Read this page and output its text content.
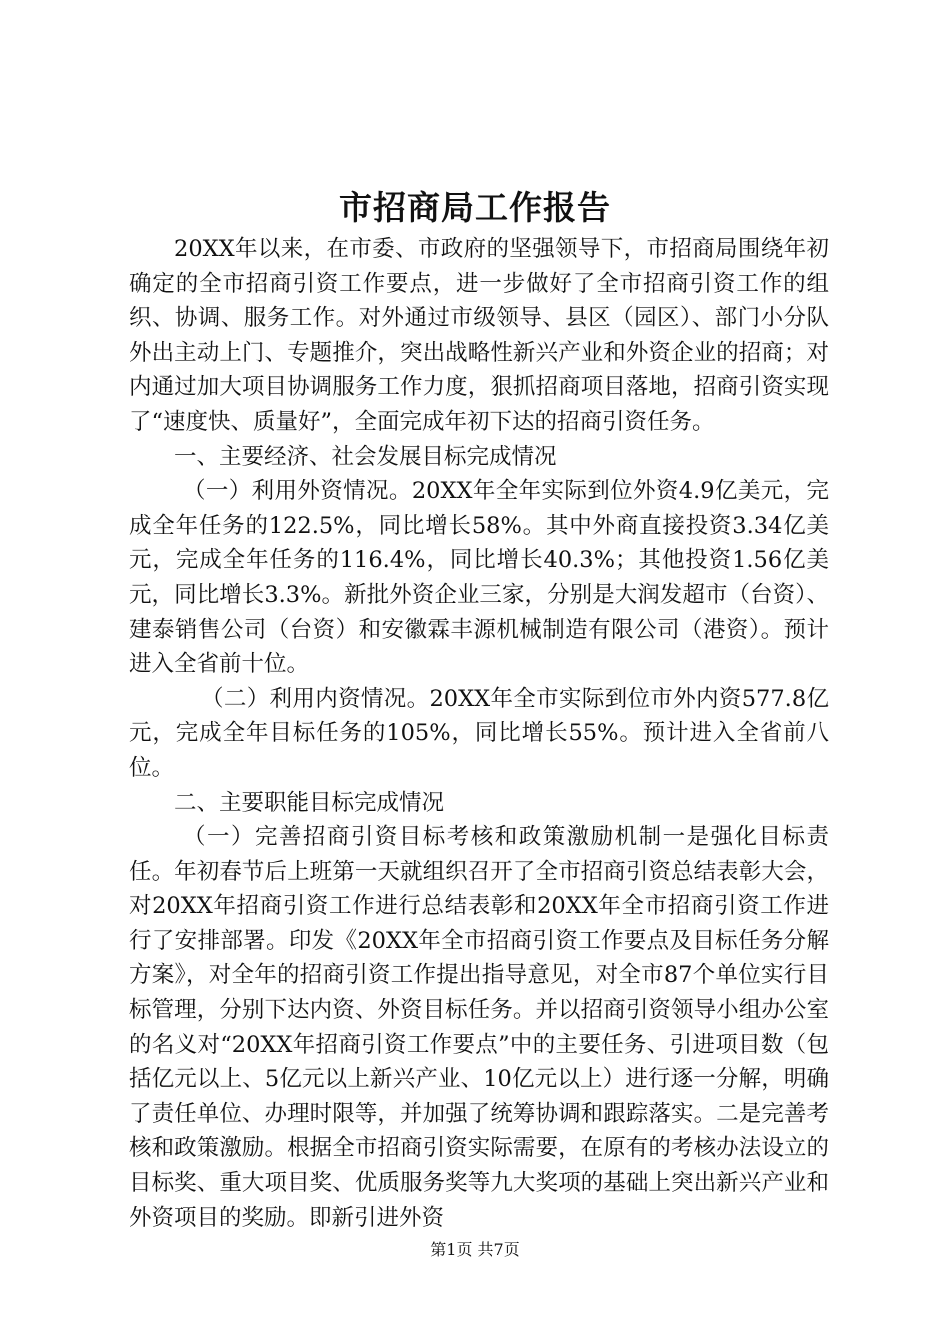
市招商局工作报告

20XX年以来，在市委、市政府的坚强领导下，市招商局围绕年初确定的全市招商引资工作要点，进一步做好了全市招商引资工作的组织、协调、服务工作。对外通过市级领导、县区（园区）、部门小分队外出主动上门、专题推介，突出战略性新兴产业和外资企业的招商；对内通过加大项目协调服务工作力度，狠抓招商项目落地，招商引资实现了“速度快、质量好”，全面完成年初下达的招商引资任务。

一、主要经济、社会发展目标完成情况

（一）利用外资情况。20XX年全年实际到位外资4.9亿美元，完成全年任务的122.5%，同比增长58%。其中外商直接投资3.34亿美元，完成全年任务的116.4%，同比增长40.3%；其他投资1.56亿美元，同比增长3.3%。新批外资企业三家，分别是大润发超市（台资）、建泰销售公司（台资）和安徽霖丰源机械制造有限公司（港资）。预计进入全省前十位。

（二）利用内资情况。20XX年全市实际到位市外内资577.8亿元，完成全年目标任务的105%，同比增长55%。预计进入全省前八位。

二、主要职能目标完成情况

（一）完善招商引资目标考核和政策激励机制一是强化目标责任。年初春节后上班第一天就组织召开了全市招商引资总结表彰大会，对20XX年招商引资工作进行总结表彰和20XX年全市招商引资工作进行了安排部署。印发《20XX年全市招商引资工作要点及目标任务分解方案》，对全年的招商引资工作提出指导意见，对全市87个单位实行目标管理，分别下达内资、外资目标任务。并以招商引资领导小组办公室的名义对“20XX年招商引资工作要点”中的主要任务、引进项目数（包括亿元以上、5亿元以上新兴产业、10亿元以上）进行逐一分解，明确了责任单位、办理时限等，并加强了统筹协调和跟踪落实。二是完善考核和政策激励。根据全市招商引资实际需要，在原有的考核办法设立的目标奖、重大项目奖、优质服务奖等九大奖项的基础上突出新兴产业和外资项目的奖励。即新引进外资

第1页 共7页
